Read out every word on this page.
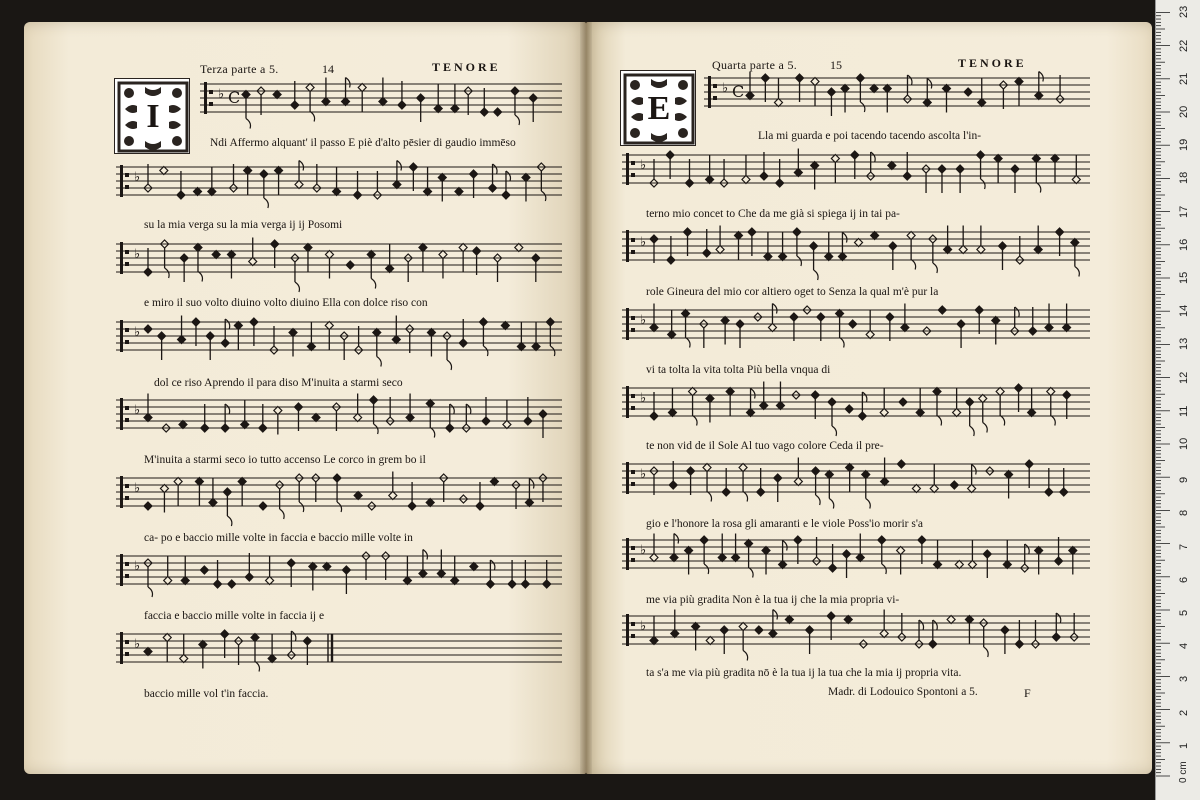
Terza parte a 5.	14	TENORE
I
♭ C
♭
♭
♭
♭
♭
♭
♭
Ndi Affermo alquant' il passo E piè d'alto pēsier di gaudio immēso
su la mia verga su la mia verga ij ij Posomi
e miro il suo volto diuino volto diuino Ella con dolce riso con
dol ce riso Aprendo il para diso M'inuita a starmi seco
M'inuita a starmi seco io tutto accenso Le corco in grem bo il
ca- po e baccio mille volte in faccia e baccio mille volte in
faccia e baccio mille volte in faccia ij e
baccio mille vol t'in faccia.
Quarta parte a 5.	15	TENORE
E
♭ C
♭
♭
♭
♭
♭
♭
♭
Lla mi guarda e poi tacendo tacendo ascolta l'in-
terno mio concet to Che da me già si spiega ij in tai pa-
role Gineura del mio cor altiero oget to Senza la qual m'è pur la
vi ta tolta la vita tolta Più bella vnqua di
te non vid de il Sole Al tuo vago colore Ceda il pre-
gio e l'honore la rosa gli amaranti e le viole Poss'io morir s'a
me via più gradita Non è la tua ij che la mia propria vi-
ta s'a me via più gradita nō è la tua ij la tua che la mia ij propria vita.
Madr. di Lodouico Spontoni a 5.	F
0 cm
1
2
3
4
5
6
7
8
9
10
11
12
13
14
15
16
17
18
19
20
21
22
23
